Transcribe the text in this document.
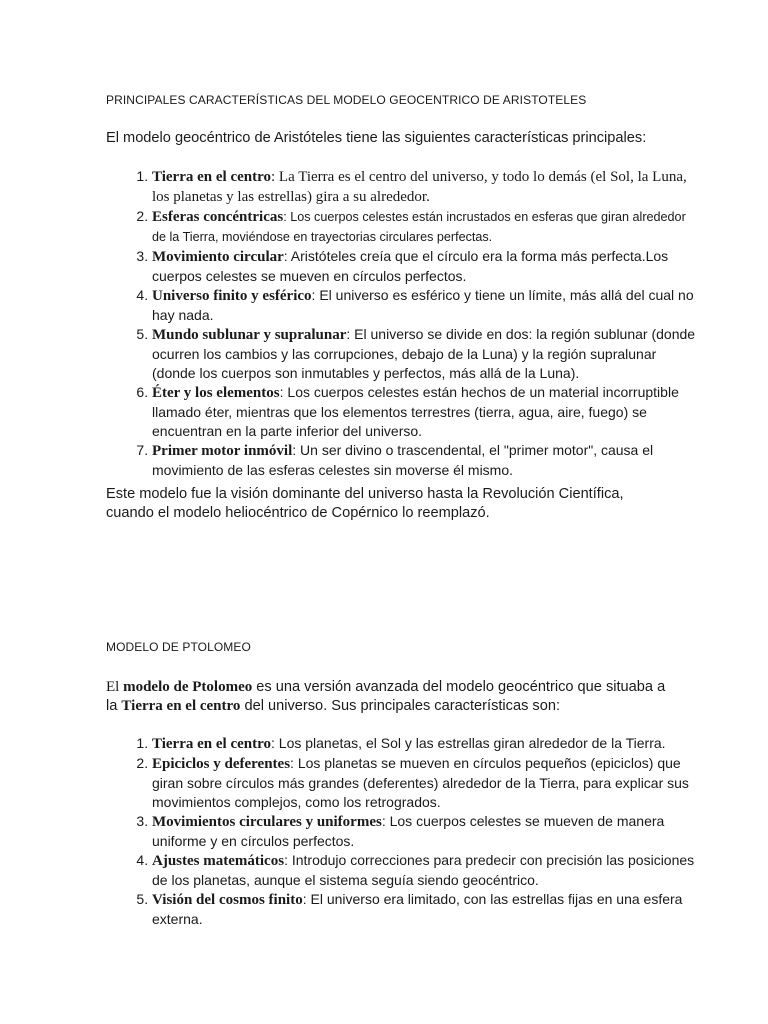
PRINCIPALES CARACTERÍSTICAS DEL MODELO GEOCENTRICO DE ARISTOTELES

El modelo geocéntrico de Aristóteles tiene las siguientes características principales:

1. Tierra en el centro: La Tierra es el centro del universo, y todo lo demás (el Sol, la Luna, los planetas y las estrellas) gira a su alrededor.
2. Esferas concéntricas: Los cuerpos celestes están incrustados en esferas que giran alrededor de la Tierra, moviéndose en trayectorias circulares perfectas.
3. Movimiento circular: Aristóteles creía que el círculo era la forma más perfecta.Los cuerpos celestes se mueven en círculos perfectos.
4. Universo finito y esférico: El universo es esférico y tiene un límite, más allá del cual no hay nada.
5. Mundo sublunar y supralunar: El universo se divide en dos: la región sublunar (donde ocurren los cambios y las corrupciones, debajo de la Luna) y la región supralunar (donde los cuerpos son inmutables y perfectos, más allá de la Luna).
6. Éter y los elementos: Los cuerpos celestes están hechos de un material incorruptible llamado éter, mientras que los elementos terrestres (tierra, agua, aire, fuego) se encuentran en la parte inferior del universo.
7. Primer motor inmóvil: Un ser divino o trascendental, el "primer motor", causa el movimiento de las esferas celestes sin moverse él mismo.

Este modelo fue la visión dominante del universo hasta la Revolución Científica, cuando el modelo heliocéntrico de Copérnico lo reemplazó.

MODELO DE PTOLOMEO

El modelo de Ptolomeo es una versión avanzada del modelo geocéntrico que situaba a la Tierra en el centro del universo. Sus principales características son:

1. Tierra en el centro: Los planetas, el Sol y las estrellas giran alrededor de la Tierra.
2. Epiciclos y deferentes: Los planetas se mueven en círculos pequeños (epiciclos) que giran sobre círculos más grandes (deferentes) alrededor de la Tierra, para explicar sus movimientos complejos, como los retrogrados.
3. Movimientos circulares y uniformes: Los cuerpos celestes se mueven de manera uniforme y en círculos perfectos.
4. Ajustes matemáticos: Introdujo correcciones para predecir con precisión las posiciones de los planetas, aunque el sistema seguía siendo geocéntrico.
5. Visión del cosmos finito: El universo era limitado, con las estrellas fijas en una esfera externa.
